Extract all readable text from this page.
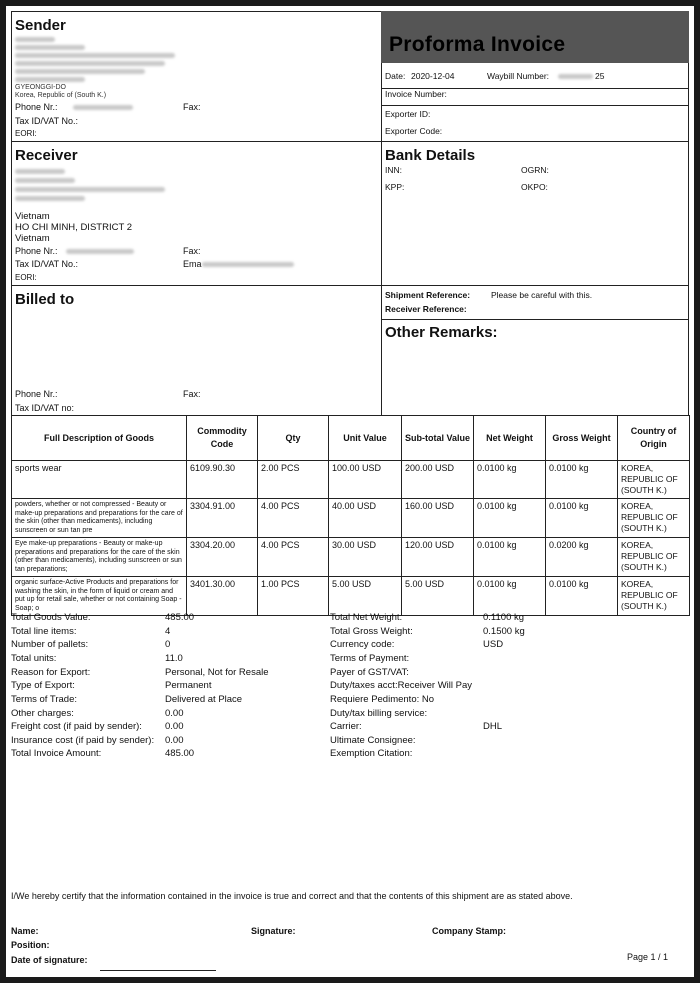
Sender
GYEONGGI-DO
Korea, Republic of (South K.)
Phone Nr.:	Fax:
Tax ID/VAT No.:
EORI:
Proforma Invoice
Date: 2020-12-04	Waybill Number:	25
Invoice Number:
Exporter ID:
Exporter Code:
Receiver
Vietnam
HO CHI MINH, DISTRICT 2
Vietnam
Phone Nr.:	Fax:
Tax ID/VAT No.:	Ema
EORI:
Bank Details
INN:	OGRN:
KPP:	OKPO:
Billed to
Phone Nr.:	Fax:
Tax ID/VAT no:
Shipment Reference: Please be careful with this.
Receiver Reference:
Other Remarks:
Full Description of Goods	Commodity Code	Qty	Unit Value	Sub-total Value	Net Weight	Gross Weight	Country of Origin
sports wear	6109.90.30	2.00 PCS	100.00 USD	200.00 USD	0.0100 kg	0.0100 kg	KOREA, REPUBLIC OF (SOUTH K.)
powders, whether or not compressed - Beauty or make-up preparations and preparations for the care of the skin (other than medicaments), including sunscreen or sun tan pre	3304.91.00	4.00 PCS	40.00 USD	160.00 USD	0.0100 kg	0.0100 kg	KOREA, REPUBLIC OF (SOUTH K.)
Eye make-up preparations - Beauty or make-up preparations and preparations for the care of the skin (other than medicaments), including sunscreen or sun tan preparations;	3304.20.00	4.00 PCS	30.00 USD	120.00 USD	0.0100 kg	0.0200 kg	KOREA, REPUBLIC OF (SOUTH K.)
organic surface-Active Products and preparations for washing the skin, in the form of liquid or cream and put up for retail sale, whether or not containing Soap - Soap; o	3401.30.00	1.00 PCS	5.00 USD	5.00 USD	0.0100 kg	0.0100 kg	KOREA, REPUBLIC OF (SOUTH K.)
Total Goods Value:	485.00
Total line items:	4
Number of pallets:	0
Total units:	11.0
Reason for Export:	Personal, Not for Resale
Type of Export:	Permanent
Terms of Trade:	Delivered at Place
Other charges:	0.00
Freight cost (if paid by sender): 0.00
Insurance cost (if paid by sender): 0.00
Total Invoice Amount:	485.00
Total Net Weight:	0.1100 kg
Total Gross Weight:	0.1500 kg
Currency code:	USD
Terms of Payment:
Payer of GST/VAT:
Duty/taxes acct:Receiver Will Pay
Requiere Pedimento: No
Duty/tax billing service:
Carrier:	DHL
Ultimate Consignee:
Exemption Citation:
I/We hereby certify that the information contained in the invoice is true and correct and that the contents of this shipment are as stated above.
Name:	Signature:	Company Stamp:
Position:
Date of signature:	Page 1 / 1
